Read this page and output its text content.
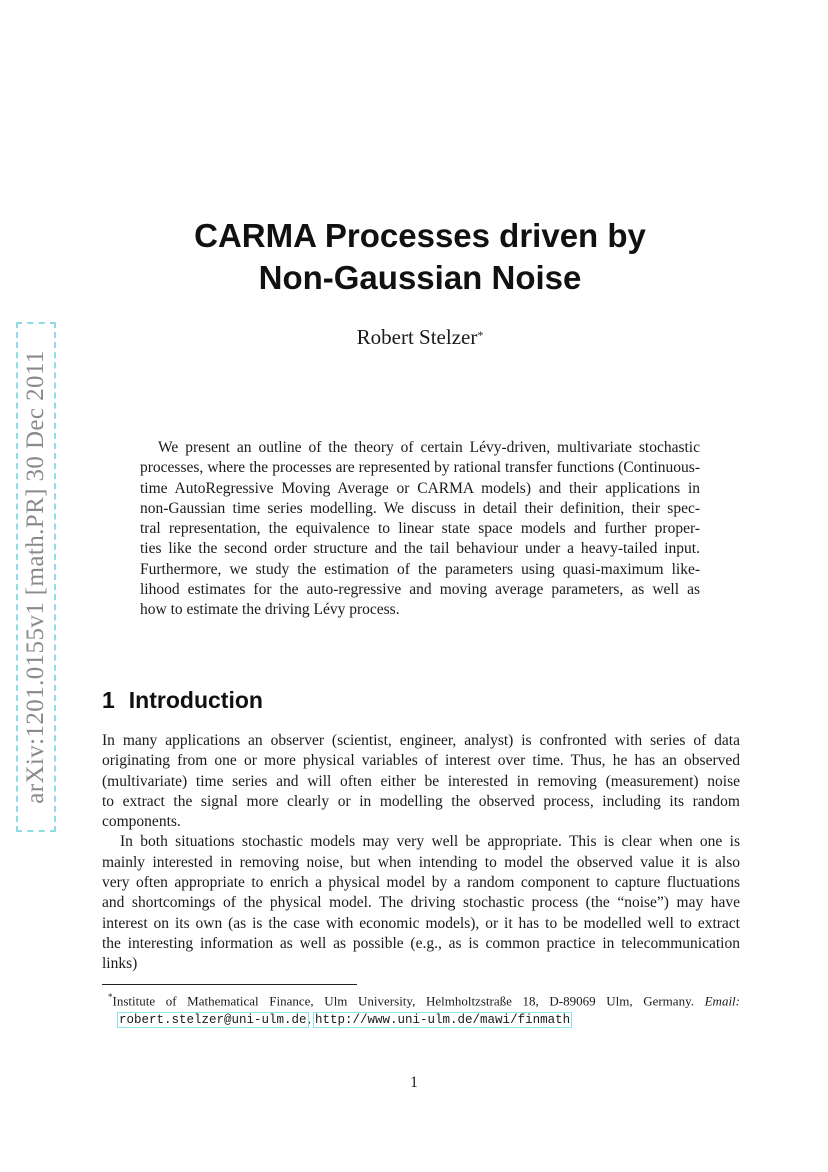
arXiv:1201.0155v1 [math.PR] 30 Dec 2011
CARMA Processes driven by
Non-Gaussian Noise
Robert Stelzer*
We present an outline of the theory of certain Lévy-driven, multivariate stochastic
processes, where the processes are represented by rational transfer functions (Continuous-
time AutoRegressive Moving Average or CARMA models) and their applications in
non-Gaussian time series modelling. We discuss in detail their definition, their spec-
tral representation, the equivalence to linear state space models and further proper-
ties like the second order structure and the tail behaviour under a heavy-tailed input.
Furthermore, we study the estimation of the parameters using quasi-maximum like-
lihood estimates for the auto-regressive and moving average parameters, as well as
how to estimate the driving Lévy process.
1 Introduction

In many applications an observer (scientist, engineer, analyst) is confronted with series of data
originating from one or more physical variables of interest over time. Thus, he has an observed
(multivariate) time series and will often either be interested in removing (measurement) noise
to extract the signal more clearly or in modelling the observed process, including its random
components.

In both situations stochastic models may very well be appropriate. This is clear when one is
mainly interested in removing noise, but when intending to model the observed value it is also
very often appropriate to enrich a physical model by a random component to capture fluctuations
and shortcomings of the physical model. The driving stochastic process (the “noise”) may have
interest on its own (as is the case with economic models), or it has to be modelled well to extract
the interesting information as well as possible (e.g., as is common practice in telecommunication
links)

*Institute of Mathematical Finance, Ulm University, Helmholtzstraße 18, D-89069 Ulm, Germany. Email:
robert.stelzer@uni-ulm.de, http://www.uni-ulm.de/mawi/finmath
1
